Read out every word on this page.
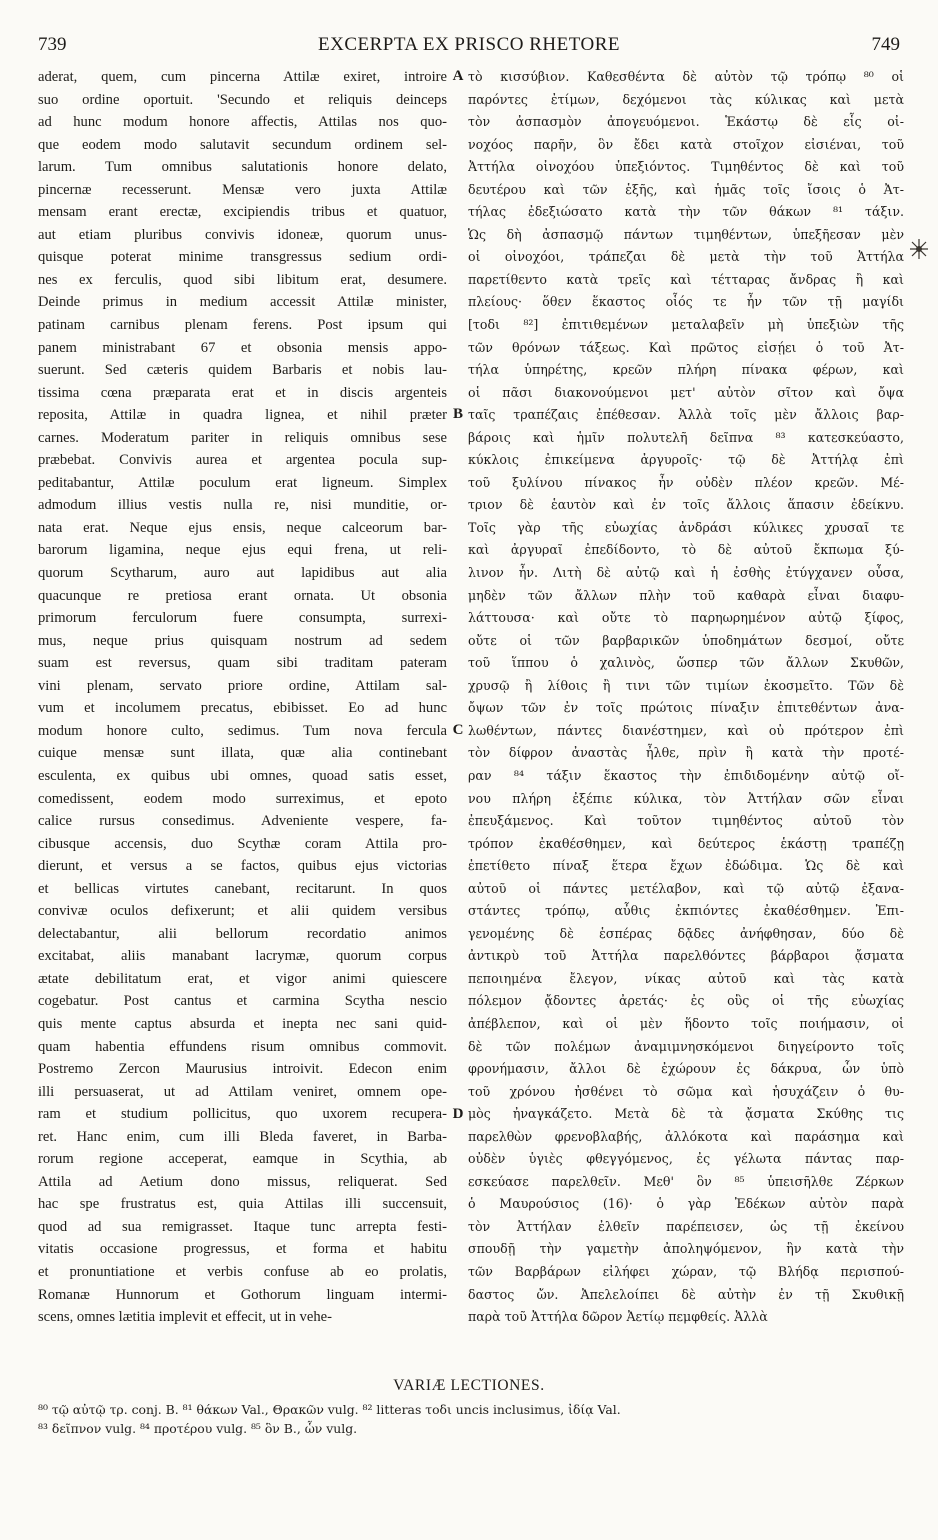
739	EXCERPTA EX PRISCO RHETORE	749
aderat, quem, cum pincerna Attilæ exiret, introire
suo ordine oportuit. 'Secundo et reliquis deinceps
ad hunc modum honore affectis, Attilas nos quo-
que eodem modo salutavit secundum ordinem sel-
larum. Tum omnibus salutationis honore delato,
pincernæ recesserunt. Mensæ vero juxta Attilæ
mensam erant erectæ, excipiendis tribus et quatuor,
aut etiam pluribus convivis idoneæ, quorum unus-
quisque poterat minime transgressus sedium ordi-
nes ex ferculis, quod sibi libitum erat, desumere.
Deinde primus in medium accessit Attilæ minister,
patinam carnibus plenam ferens. Post ipsum qui
panem ministrabant 67 et obsonia mensis appo-
suerunt. Sed cæteris quidem Barbaris et nobis lau-
tissima cœna præparata erat et in discis argenteis
reposita, Attilæ in quadra lignea, et nihil præter
carnes. Moderatum pariter in reliquis omnibus sese
præbebat. Convivis aurea et argentea pocula sup-
peditabantur, Attilæ poculum erat ligneum. Simplex
admodum illius vestis nulla re, nisi munditie, or-
nata erat. Neque ejus ensis, neque calceorum bar-
barorum ligamina, neque ejus equi frena, ut reli-
quorum Scytharum, auro aut lapidibus aut alia
quacunque re pretiosa erant ornata. Ut obsonia
primorum ferculorum fuere consumpta, surrexi-
mus, neque prius quisquam nostrum ad sedem
suam est reversus, quam sibi traditam pateram
vini plenam, servato priore ordine, Attilam sal-
vum et incolumem precatus, ebibisset. Eo ad hunc
modum honore culto, sedimus. Tum nova fercula
cuique mensæ sunt illata, quæ alia continebant
esculenta, ex quibus ubi omnes, quoad satis esset,
comedissent, eodem modo surreximus, et epoto
calice rursus consedimus. Adveniente vespere, fa-
cibusque accensis, duo Scythæ coram Attila pro-
dierunt, et versus a se factos, quibus ejus victorias
et bellicas virtutes canebant, recitarunt. In quos
convivæ oculos defixerunt; et alii quidem versibus
delectabantur, alii bellorum recordatio animos
excitabat, aliis manabant lacrymæ, quorum corpus
ætate debilitatum erat, et vigor animi quiescere
cogebatur. Post cantus et carmina Scytha nescio
quis mente captus absurda et inepta nec sani quid-
quam habentia effundens risum omnibus commovit.
Postremo Zercon Maurusius introivit. Edecon enim
illi persuaserat, ut ad Attilam veniret, omnem ope-
ram et studium pollicitus, quo uxorem recupera-
ret. Hanc enim, cum illi Bleda faveret, in Barba-
rorum regione acceperat, eamque in Scythia, ab
Attila ad Aetium dono missus, reliquerat. Sed
hac spe frustratus est, quia Attilas illi succensuit,
quod ad sua remigrasset. Itaque tunc arrepta festi-
vitatis occasione progressus, et forma et habitu
et pronuntiatione et verbis confuse ab eo prolatis,
Romanæ Hunnorum et Gothorum linguam intermi-
scens, omnes lætitia implevit et effecit, ut in vehe-
τὸ κισσύβιον. Καθεσθέντα δὲ αὐτὸν τῷ τρόπῳ ⁸⁰ οἱ
παρόντες ἐτίμων, δεχόμενοι τὰς κύλικας καὶ μετὰ
τὸν ἀσπασμὸν ἀπογευόμενοι. Ἑκάστῳ δὲ εἷς οἰ-
νοχόος παρῆν, ὃν ἔδει κατὰ στοῖχον εἰσιέναι, τοῦ
Ἀττήλα οἰνοχόου ὑπεξιόντος. Τιμηθέντος δὲ καὶ τοῦ
δευτέρου καὶ τῶν ἑξῆς, καὶ ἡμᾶς τοῖς ἴσοις ὁ Ἀτ-
τήλας ἐδεξιώσατο κατὰ τὴν τῶν θάκων ⁸¹ τάξιν.
Ὡς δὴ ἀσπασμῷ πάντων τιμηθέντων, ὑπεξῆεσαν μὲν
οἱ οἰνοχόοι, τράπεζαι δὲ μετὰ τὴν τοῦ Ἀττήλα
παρετίθεντο κατὰ τρεῖς καὶ τέτταρας ἄνδρας ἢ καὶ
πλείους· ὅθεν ἕκαστος οἷός τε ἦν τῶν τῇ μαγίδι
[τοδι ⁸²] ἐπιτιθεμένων μεταλαβεῖν μὴ ὑπεξιὼν τῆς
τῶν θρόνων τάξεως. Καὶ πρῶτος εἰσῄει ὁ τοῦ Ἀτ-
τήλα ὑπηρέτης, κρεῶν πλήρη πίνακα φέρων, καὶ
οἱ πᾶσι διακονούμενοι μετ' αὐτὸν σῖτον καὶ ὄψα
ταῖς τραπέζαις ἐπέθεσαν. Ἀλλὰ τοῖς μὲν ἄλλοις βαρ-
βάροις καὶ ἡμῖν πολυτελῆ δεῖπνα ⁸³ κατεσκεύαστο,
κύκλοις ἐπικείμενα ἀργυροῖς· τῷ δὲ Ἀττήλᾳ ἐπὶ
τοῦ ξυλίνου πίνακος ἦν οὐδὲν πλέον κρεῶν. Μέ-
τριον δὲ ἑαυτὸν καὶ ἐν τοῖς ἄλλοις ἅπασιν ἐδείκνυ.
Τοῖς γὰρ τῆς εὐωχίας ἀνδράσι κύλικες χρυσαῖ τε
καὶ ἀργυραῖ ἐπεδίδοντο, τὸ δὲ αὐτοῦ ἔκπωμα ξύ-
λινον ἦν. Λιτὴ δὲ αὐτῷ καὶ ἡ ἐσθὴς ἐτύγχανεν οὖσα,
μηδὲν τῶν ἄλλων πλὴν τοῦ καθαρὰ εἶναι διαφυ-
λάττουσα· καὶ οὔτε τὸ παρηωρημένον αὐτῷ ξίφος,
οὔτε οἱ τῶν βαρβαρικῶν ὑποδημάτων δεσμοί, οὔτε
τοῦ ἵππου ὁ χαλινὸς, ὥσπερ τῶν ἄλλων Σκυθῶν,
χρυσῷ ἢ λίθοις ἢ τινι τῶν τιμίων ἐκοσμεῖτο. Τῶν δὲ
ὄψων τῶν ἐν τοῖς πρώτοις πίναξιν ἐπιτεθέντων ἀνα-
λωθέντων, πάντες διανέστημεν, καὶ οὐ πρότερον ἐπὶ
τὸν δίφρον ἀναστὰς ἦλθε, πρὶν ἢ κατὰ τὴν προτέ-
ραν ⁸⁴ τάξιν ἕκαστος τὴν ἐπιδιδομένην αὐτῷ οἴ-
νου πλήρη ἐξέπιε κύλικα, τὸν Ἀττήλαν σῶν εἶναι
ἐπευξάμενος. Καὶ τοῦτον τιμηθέντος αὐτοῦ τὸν
τρόπον ἐκαθέσθημεν, καὶ δεύτερος ἑκάστῃ τραπέζῃ
ἐπετίθετο πίναξ ἕτερα ἔχων ἐδώδιμα. Ὡς δὲ καὶ
αὐτοῦ οἱ πάντες μετέλαβον, καὶ τῷ αὐτῷ ἐξανα-
στάντες τρόπῳ, αὖθις ἐκπιόντες ἐκαθέσθημεν. Ἐπι-
γενομένης δὲ ἑσπέρας δᾷδες ἀνήφθησαν, δύο δὲ
ἀντικρὺ τοῦ Ἀττήλα παρελθόντες βάρβαροι ᾄσματα
πεποιημένα ἔλεγον, νίκας αὐτοῦ καὶ τὰς κατὰ
πόλεμον ᾄδοντες ἀρετάς· ἐς οὓς οἱ τῆς εὐωχίας
ἀπέβλεπον, καὶ οἱ μὲν ἥδοντο τοῖς ποιήμασιν, οἱ
δὲ τῶν πολέμων ἀναμιμνησκόμενοι διηγείροντο τοῖς
φρονήμασιν, ἄλλοι δὲ ἐχώρουν ἐς δάκρυα, ὧν ὑπὸ
τοῦ χρόνου ἠσθένει τὸ σῶμα καὶ ἡσυχάζειν ὁ θυ-
μὸς ἠναγκάζετο. Μετὰ δὲ τὰ ᾄσματα Σκύθης τις
παρελθὼν φρενοβλαβής, ἀλλόκοτα καὶ παράσημα καὶ
οὐδὲν ὑγιὲς φθεγγόμενος, ἐς γέλωτα πάντας παρ-
εσκεύασε παρελθεῖν. Μεθ' ὃν ⁸⁵ ὑπεισῆλθε Ζέρκων
ὁ Μαυρούσιος (16)· ὁ γὰρ Ἐδέκων αὐτὸν παρὰ
τὸν Ἀττήλαν ἐλθεῖν παρέπεισεν, ὡς τῇ ἐκείνου
σπουδῇ τὴν γαμετὴν ἀποληψόμενον, ἣν κατὰ τὴν
τῶν Βαρβάρων εἰλήφει χώραν, τῷ Βλήδᾳ περισπού-
δαστος ὤν. Ἀπελελοίπει δὲ αὐτὴν ἐν τῇ Σκυθικῇ
παρὰ τοῦ Ἀττήλα δῶρον Ἀετίῳ πεμφθείς. Ἀλλὰ
A
B
C
D
VARIÆ LECTIONES.
⁸⁰ τῷ αὐτῷ τρ. conj. B. ⁸¹ θάκων Val., Θρακῶν vulg. ⁸² litteras τοδι uncis inclusimus, ἰδίᾳ Val.
⁸³ δεῖπνον vulg. ⁸⁴ προτέρου vulg. ⁸⁵ ὃν B., ὧν vulg.
